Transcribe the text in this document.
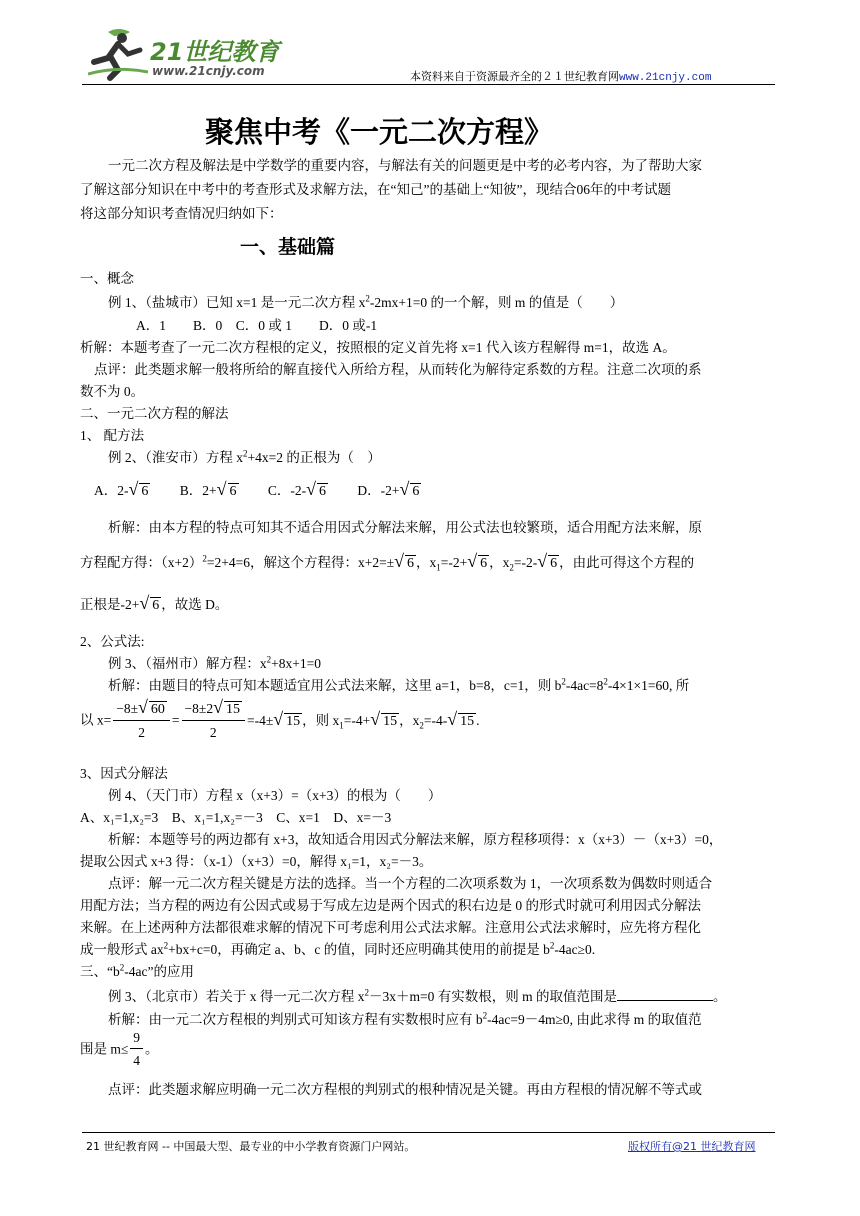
21世纪教育
www.21cnjy.com	本资料来自于资源最齐全的２１世纪教育网www.21cnjy.com
聚焦中考《一元二次方程》
一元二次方程及解法是中学数学的重要内容，与解法有关的问题更是中考的必考内容，为了帮助大家
了解这部分知识在中考中的考查形式及求解方法，在“知己”的基础上“知彼”，现结合06年的中考试题
将这部分知识考查情况归纳如下：
一、基础篇
一、概念
例 1、（盐城市）已知 x=1 是一元二次方程 $x^2-2mx+1=0$ 的一个解，则 m 的值是（　　）
A．1　　B．0　C．0 或 1　　D．0 或-1
析解：本题考查了一元二次方程根的定义，按照根的定义首先将 x=1 代入该方程解得 m=1，故选 A。
点评：此类题求解一般将所给的解直接代入所给方程，从而转化为解待定系数的方程。注意二次项的系
数不为 0。
二、一元二次方程的解法
1、 配方法
例 2、（淮安市）方程 $x^2+4x=2$ 的正根为（　）
A．2-√ 6 B．2+√ 6 C．-2-√ 6 D．-2+√ 6
析解：由本方程的特点可知其不适合用因式分解法来解，用公式法也较繁琐，适合用配方法来解，原
方程配方得：$(x+2)^2=2+4=6$，解这个方程得：x+2=±√ 6 ，$x_1=-2+√$ 6 ，$x_2=-2-√$ 6 ，由此可得这个方程的
正根是-2+√ 6 ，故选 D。
2、公式法:
例 3、（福州市）解方程：$x^2+8x+1=0$
析解：由题目的特点可知本题适宜用公式法来解，这里 a=1，b=8，c=1，则 $b^2-4ac=8^2-4\times 1\times 1=60$, 所
以 $x= \frac{-8\pm√ 60}{2} = \frac{-8\pm 2√ 15}{2} =-4\pm√$ 15 ，则 $x_1=-4+√$ 15 ，$x_2=-4-√$ 15 .
3、因式分解法
例 4、（天门市）方程 x（x+3）=（x+3）的根为（　　）
A、x₁=1,x₂=3　B、x₁=1,x₂=－3　C、x=1　D、x=－3
析解：本题等号的两边都有 x+3，故知适合用因式分解法来解，原方程移项得：x（x+3）－（x+3）=0，
提取公因式 x+3 得：（x-1）（x+3）=0，解得 x₁=1，x₂=－3。
点评：解一元二次方程关键是方法的选择。当一个方程的二次项系数为 1，一次项系数为偶数时则适合
用配方法；当方程的两边有公因式或易于写成左边是两个因式的积右边是 0 的形式时就可利用因式分解法
来解。在上述两种方法都很难求解的情况下可考虑利用公式法求解。注意用公式法求解时，应先将方程化
成一般形式 $ax^2+bx+c=0$，再确定 a、b、c 的值，同时还应明确其使用的前提是 $b^2-4ac\ge 0$.
三、“$b^2-4ac$”的应用
例 3、（北京市）若关于 x 得一元二次方程 $x^2-3x+m=0$ 有实数根，则 m 的取值范围是	。
析解：由一元二次方程根的判别式可知该方程有实数根时应有 $b^2-4ac=9-4m\ge 0$, 由此求得 m 的取值范
围是 $m\le \frac{9}{4}$ 。
点评：此类题求解应明确一元二次方程根的判别式的根种情况是关键。再由方程根的情况解不等式或
21 世纪教育网 -- 中国最大型、最专业的中小学教育资源门户网站。	版权所有@21 世纪教育网
